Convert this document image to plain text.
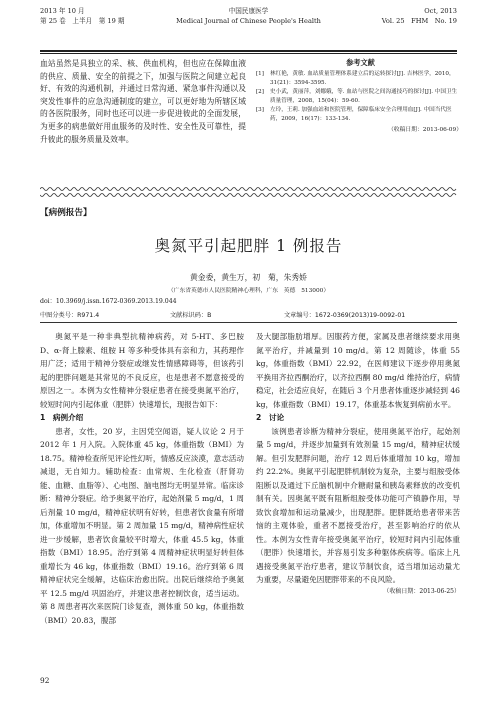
2013 年 10 月
第 25 卷　上半月　第 19 期
中国民康医学
Medical Journal of Chinese People's Health
Oct, 2013
Vol. 25　FHM　No. 19
血站虽然是具独立的采、核、供血机构，但也应在保障血液的供应、质量、安全的前提之下，加强与医院之间建立起良好、有效的沟通机制，并通过日常沟通、紧急事件沟通以及突发性事件的应急沟通制度的建立，可以更好地为所辖区域的各医院服务，同时也还可以进一步促进彼此的全面发展，为更多的病患做好用血服务的及时性、安全性及可靠性，提升彼此的服务质量及效率。
参考文献
[1]	林红艳，黄敏. 血站质量管理体系建立后的运转探讨[J]. 吉林医学，2010，31(21)：3594-3595.
[2]	史小武，黄丽萍，刘娜娥，等. 血站与医院之间沟通技巧的探讨[J]. 中国卫生质量管理，2008，15(04)：59-60.
[3]	左玲，王莉. 加强血站和医院管理，保障临床安全合理用血[J]. 中国当代医药，2009，16(17)：133-134.
（收稿日期：2013-06-09）
【病例报告】
奥氮平引起肥胖 1 例报告
黄金委，黄生万，初　菊，朱秀娇
（广东省英德市人民医院精神心理科，广东　英德　513000）
doi：10.3969/j.issn.1672-0369.2013.19.044
中图分类号：R971.4	文献标识码：B	文章编号：1672-0369(2013)19-0092-01

奥氮平是一种非典型抗精神病药，对 5-HT、多巴胺 D、α-肾上腺素、组胺 H 等多种受体具有亲和力，其药理作用广泛；适用于精神分裂症或继发性情感障碍等，但该药引起的肥胖问题是其常见的不良反应，也是患者不愿意接受的原因之一。本例为女性精神分裂症患者在接受奥氮平治疗，较短时间内引起体重（肥胖）快速增长，现报告如下：

1　病例介绍

患者，女性，20 岁，主因凭空闻语，疑人议论 2 月于 2012 年 1 月入院。入院体重 45 kg，体重指数（BMI）为 18.75。精神检查所见评论性幻听，情感反应淡漠，意志活动减退，无自知力。辅助检查：血常规、生化检查（肝肾功能、血糖、血脂等）、心电图、脑电图均无明显异常。临床诊断：精神分裂症。给予奥氮平治疗，起始剂量 5 mg/d，1 周后剂量 10 mg/d，精神症状明有好转，但患者饮食量有所增加，体重增加不明显。第 2 周加量 15 mg/d，精神病性症状进一步缓解，患者饮食量较平时增大，体重 45.5 kg，体重指数（BMI）18.95。治疗到第 4 周精神症状明显好转但体重增长为 46 kg，体重指数（BMI）19.16。治疗到第 6 周精神症状完全缓解，达临床治愈出院。出院后继续给予奥氮平 12.5 mg/d 巩固治疗，并建议患者控制饮食，适当运动。第 8 周患者再次来医院门诊复查，测体重 50 kg，体重指数（BMI）20.83，腹部

及大腿部脂肪增厚。因服药方便，家属及患者继续要求用奥氮平治疗，并减量到 10 mg/d。第 12 周随诊，体重 55 kg，体重指数（BMI）22.92，在医师建议下逐步停用奥氮平换用齐拉西酮治疗，以齐拉西酮 80 mg/d 维持治疗，病情稳定，社会适应良好，在随后 3 个月患者体重逐步减轻到 46 kg，体重指数（BMI）19.17，体重基本恢复到病前水平。

2　讨论

该例患者诊断为精神分裂症，使用奥氮平治疗，起始剂量 5 mg/d，并逐步加量到有效剂量 15 mg/d，精神症状缓解。但引发肥胖问题，治疗 12 周后体重增加 10 kg，增加约 22.2%。奥氮平引起肥胖机制较为复杂，主要与组胺受体阻断以及通过下丘脑机制中介糖耐量和胰岛素释放的改变机制有关。因奥氮平既有阻断组胺受体功能可产镇静作用，导致饮食增加和运动量减少，出现肥胖。肥胖既给患者带来苦恼的主观体验，重者不愿接受治疗，甚至影响治疗的依从性。本例为女性青年接受奥氮平治疗，较短时间内引起体重（肥胖）快速增长，并容易引发多种躯体疾病等。临床上凡遇接受奥氮平治疗患者，建议节制饮食，适当增加运动量尤为重要，尽量避免因肥胖带来的不良风险。

（收稿日期：2013-06-25）
92
